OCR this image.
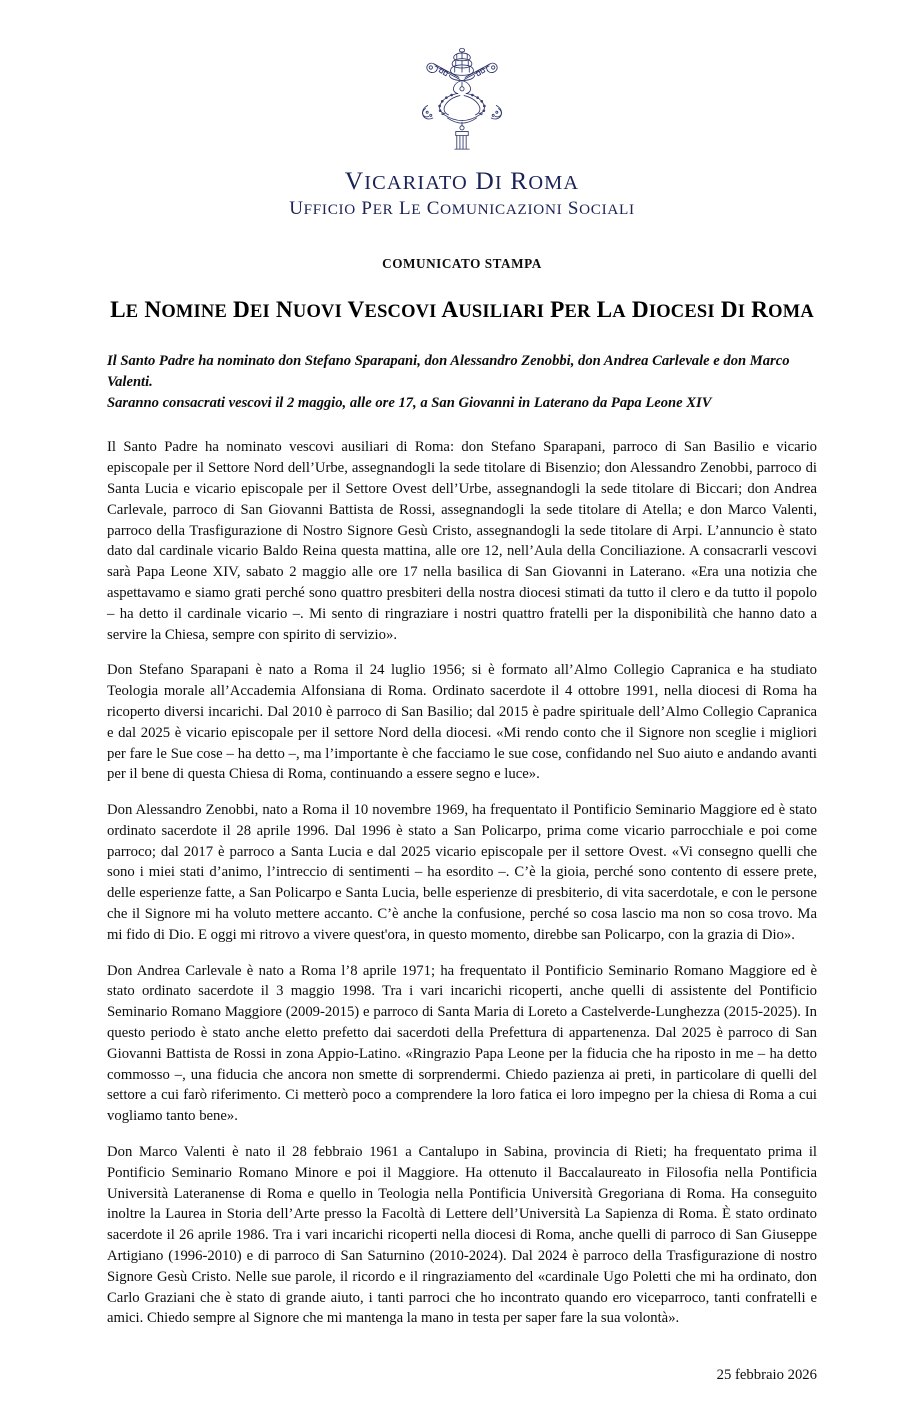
VICARIATO DI ROMA
UFFICIO PER LE COMUNICAZIONI SOCIALI
COMUNICATO STAMPA
LE NOMINE DEI NUOVI VESCOVI AUSILIARI PER LA DIOCESI DI ROMA
Il Santo Padre ha nominato don Stefano Sparapani, don Alessandro Zenobbi, don Andrea Carlevale e don Marco Valenti.
Saranno consacrati vescovi il 2 maggio, alle ore 17, a San Giovanni in Laterano da Papa Leone XIV

Il Santo Padre ha nominato vescovi ausiliari di Roma: don Stefano Sparapani, parroco di San Basilio e vicario episcopale per il Settore Nord dell’Urbe, assegnandogli la sede titolare di Bisenzio; don Alessandro Zenobbi, parroco di Santa Lucia e vicario episcopale per il Settore Ovest dell’Urbe, assegnandogli la sede titolare di Biccari; don Andrea Carlevale, parroco di San Giovanni Battista de Rossi, assegnandogli la sede titolare di Atella; e don Marco Valenti, parroco della Trasfigurazione di Nostro Signore Gesù Cristo, assegnandogli la sede titolare di Arpi. L’annuncio è stato dato dal cardinale vicario Baldo Reina questa mattina, alle ore 12, nell’Aula della Conciliazione. A consacrarli vescovi sarà Papa Leone XIV, sabato 2 maggio alle ore 17 nella basilica di San Giovanni in Laterano. «Era una notizia che aspettavamo e siamo grati perché sono quattro presbiteri della nostra diocesi stimati da tutto il clero e da tutto il popolo – ha detto il cardinale vicario –. Mi sento di ringraziare i nostri quattro fratelli per la disponibilità che hanno dato a servire la Chiesa, sempre con spirito di servizio».

Don Stefano Sparapani è nato a Roma il 24 luglio 1956; si è formato all’Almo Collegio Capranica e ha studiato Teologia morale all’Accademia Alfonsiana di Roma. Ordinato sacerdote il 4 ottobre 1991, nella diocesi di Roma ha ricoperto diversi incarichi. Dal 2010 è parroco di San Basilio; dal 2015 è padre spirituale dell’Almo Collegio Capranica e dal 2025 è vicario episcopale per il settore Nord della diocesi. «Mi rendo conto che il Signore non sceglie i migliori per fare le Sue cose – ha detto –, ma l’importante è che facciamo le sue cose, confidando nel Suo aiuto e andando avanti per il bene di questa Chiesa di Roma, continuando a essere segno e luce».

Don Alessandro Zenobbi, nato a Roma il 10 novembre 1969, ha frequentato il Pontificio Seminario Maggiore ed è stato ordinato sacerdote il 28 aprile 1996. Dal 1996 è stato a San Policarpo, prima come vicario parrocchiale e poi come parroco; dal 2017 è parroco a Santa Lucia e dal 2025 vicario episcopale per il settore Ovest. «Vi consegno quelli che sono i miei stati d’animo, l’intreccio di sentimenti – ha esordito –. C’è la gioia, perché sono contento di essere prete, delle esperienze fatte, a San Policarpo e Santa Lucia, belle esperienze di presbiterio, di vita sacerdotale, e con le persone che il Signore mi ha voluto mettere accanto. C’è anche la confusione, perché so cosa lascio ma non so cosa trovo. Ma mi fido di Dio. E oggi mi ritrovo a vivere quest'ora, in questo momento, direbbe san Policarpo, con la grazia di Dio».

Don Andrea Carlevale è nato a Roma l’8 aprile 1971; ha frequentato il Pontificio Seminario Romano Maggiore ed è stato ordinato sacerdote il 3 maggio 1998. Tra i vari incarichi ricoperti, anche quelli di assistente del Pontificio Seminario Romano Maggiore (2009-2015) e parroco di Santa Maria di Loreto a Castelverde-Lunghezza (2015-2025). In questo periodo è stato anche eletto prefetto dai sacerdoti della Prefettura di appartenenza. Dal 2025 è parroco di San Giovanni Battista de Rossi in zona Appio-Latino. «Ringrazio Papa Leone per la fiducia che ha riposto in me – ha detto commosso –, una fiducia che ancora non smette di sorprendermi. Chiedo pazienza ai preti, in particolare di quelli del settore a cui farò riferimento. Ci metterò poco a comprendere la loro fatica ei loro impegno per la chiesa di Roma a cui vogliamo tanto bene».

Don Marco Valenti è nato il 28 febbraio 1961 a Cantalupo in Sabina, provincia di Rieti; ha frequentato prima il Pontificio Seminario Romano Minore e poi il Maggiore. Ha ottenuto il Baccalaureato in Filosofia nella Pontificia Università Lateranense di Roma e quello in Teologia nella Pontificia Università Gregoriana di Roma. Ha conseguito inoltre la Laurea in Storia dell’Arte presso la Facoltà di Lettere dell’Università La Sapienza di Roma. È stato ordinato sacerdote il 26 aprile 1986. Tra i vari incarichi ricoperti nella diocesi di Roma, anche quelli di parroco di San Giuseppe Artigiano (1996-2010) e di parroco di San Saturnino (2010-2024). Dal 2024 è parroco della Trasfigurazione di nostro Signore Gesù Cristo. Nelle sue parole, il ricordo e il ringraziamento del «cardinale Ugo Poletti che mi ha ordinato, don Carlo Graziani che è stato di grande aiuto, i tanti parroci che ho incontrato quando ero viceparroco, tanti confratelli e amici. Chiedo sempre al Signore che mi mantenga la mano in testa per saper fare la sua volontà».

25 febbraio 2026
